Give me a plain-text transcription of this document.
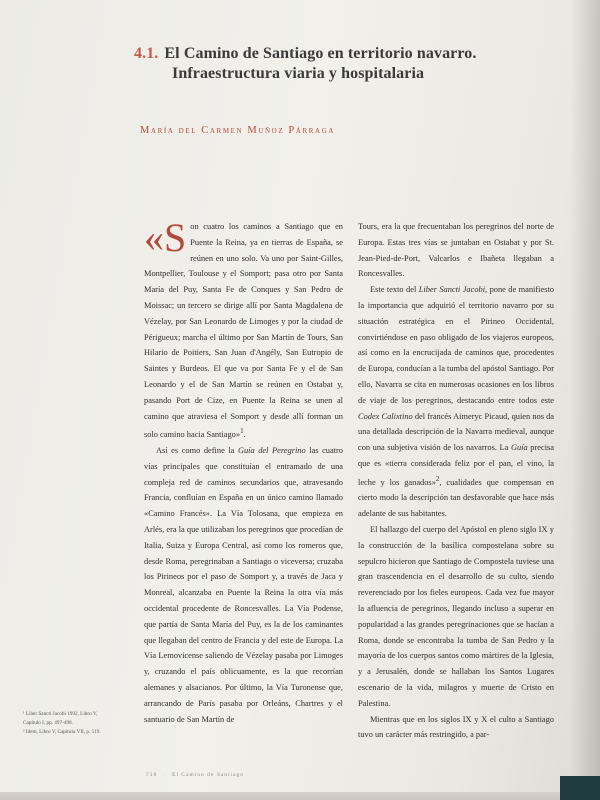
4.1. El Camino de Santiago en territorio navarro.
Infraestructura viaria y hospitalaria
María del Carmen Muñoz Párraga

«S on cuatro los caminos a Santiago que en Puente la Reina, ya en tierras de España, se reúnen en uno solo. Va uno por Saint-Gilles, Montpellier, Toulouse y el Somport; pasa otro por Santa María del Puy, Santa Fe de Conques y San Pedro de Moissac; un tercero se dirige allí por Santa Magdalena de Vézelay, por San Leonardo de Limoges y por la ciudad de Périgueux; marcha el último por San Martín de Tours, San Hilario de Poitiers, San Juan d'Angély, San Eutropio de Saintes y Burdeos. El que va por Santa Fe y el de San Leonardo y el de San Martín se reúnen en Ostabat y, pasando Port de Cize, en Puente la Reina se unen al camino que atraviesa el Somport y desde allí forman un solo camino hacia Santiago»$^1$.

Así es como define la Guía del Peregrino las cuatro vías principales que constituían el entramado de una compleja red de caminos secundarios que, atravesando Francia, confluían en España en un único camino llamado «Camino Francés». La Vía Tolosana, que empieza en Arlés, era la que utilizaban los peregrinos que procedían de Italia, Suiza y Europa Central, así como los romeros que, desde Roma, peregrinaban a Santiago o viceversa; cruzaba los Pirineos por el paso de Somport y, a través de Jaca y Monreal, alcanzaba en Puente la Reina la otra vía más occidental procedente de Roncesvalles. La Vía Podense, que partía de Santa María del Puy, es la de los caminantes que llegaban del centro de Francia y del este de Europa. La Vía Lemovicense saliendo de Vézelay pasaba por Limoges y, cruzando el país oblicuamente, es la que recorrían alemanes y alsacianos. Por último, la Vía Turonense que, arrancando de París pasaba por Orleáns, Chartres y el santuario de San Martín de

Tours, era la que frecuentaban los peregrinos del norte de Europa. Estas tres vías se juntaban en Ostabat y por St. Jean-Pied-de-Port, Valcarlos e Ibañeta llegaban a Roncesvalles.

Este texto del Liber Sancti Jacobi, pone de manifiesto la importancia que adquirió el territorio navarro por su situación estratégica en el Pirineo Occidental, convirtiéndose en paso obligado de los viajeros europeos, así como en la encrucijada de caminos que, procedentes de Europa, conducían a la tumba del apóstol Santiago. Por ello, Navarra se cita en numerosas ocasiones en los libros de viaje de los peregrinos, destacando entre todos este Codex Calixtino del francés Aimeryc Picaud, quien nos da una detallada descripción de la Navarra medieval, aunque con una subjetiva visión de los navarros. La Guía precisa que es «tierra considerada feliz por el pan, el vino, la leche y los ganados»$^2$, cualidades que compensan en cierto modo la descripción tan desfavorable que hace más adelante de sus habitantes.

El hallazgo del cuerpo del Apóstol en pleno siglo IX y la construcción de la basílica compostelana sobre su sepulcro hicieron que Santiago de Compostela tuviese una gran trascendencia en el desarrollo de su culto, siendo reverenciado por los fieles europeos. Cada vez fue mayor la afluencia de peregrinos, llegando incluso a superar en popularidad a las grandes peregrinaciones que se hacían a Roma, donde se encontraba la tumba de San Pedro y la mayoría de los cuerpos santos como mártires de la Iglesia, y a Jerusalén, donde se hallaban los Santos Lugares escenario de la vida, milagros y muerte de Cristo en Palestina.

Mientras que en los siglos IX y X el culto a Santiago tuvo un carácter más restringido, a par-

¹ Liber Sancti Jacobi 1992, Libro V,
Capítulo I, pp. 497-498.
² Idem, Libro V, Capítulo VII, p. 519.
718 · El Camino de Santiago
